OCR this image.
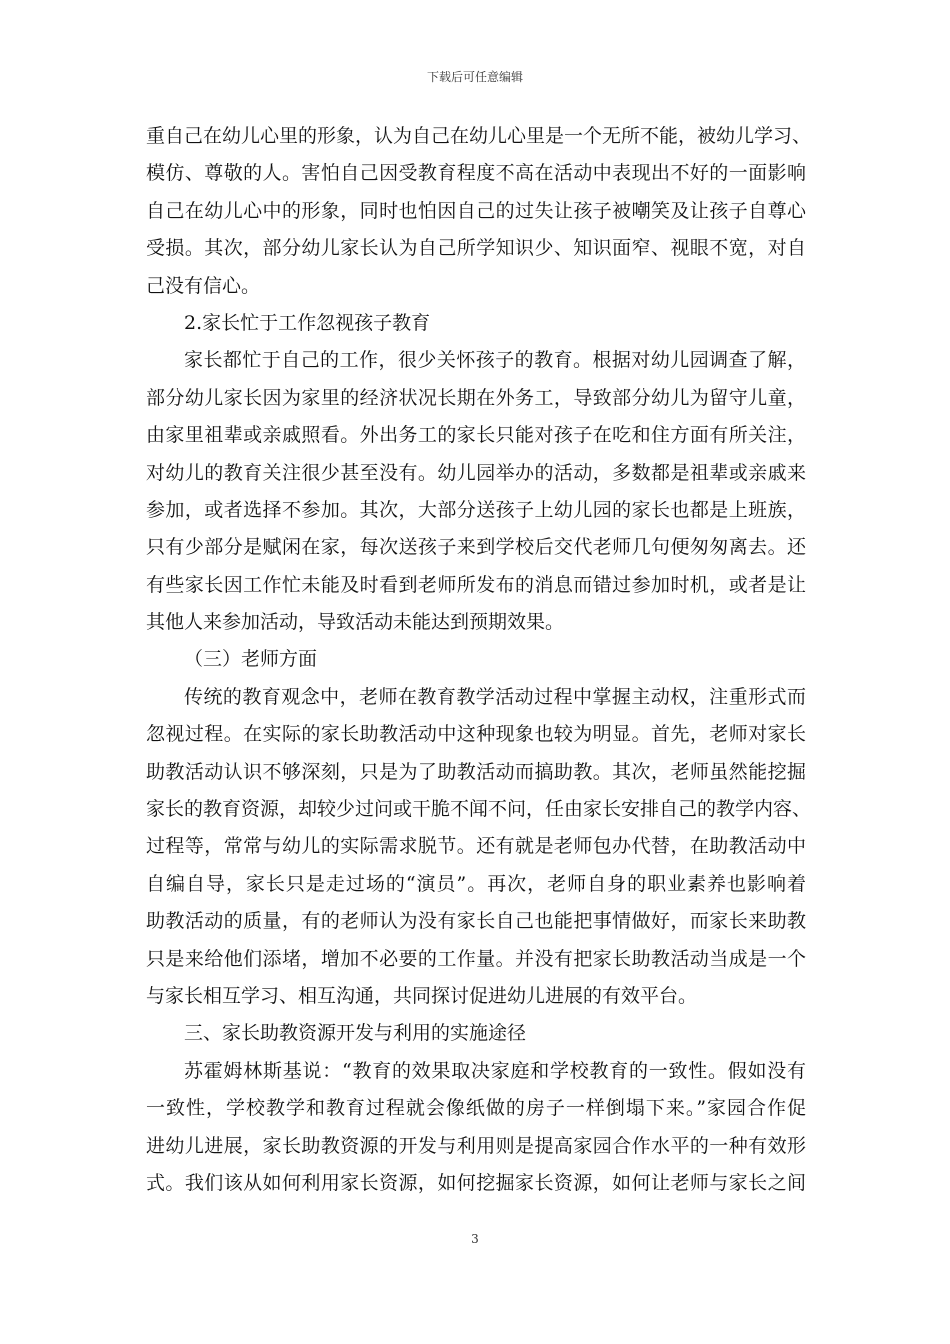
下载后可任意编辑
重自己在幼儿心里的形象，认为自己在幼儿心里是一个无所不能，被幼儿学习、
模仿、尊敬的人。害怕自己因受教育程度不高在活动中表现出不好的一面影响
自己在幼儿心中的形象，同时也怕因自己的过失让孩子被嘲笑及让孩子自尊心
受损。其次，部分幼儿家长认为自己所学知识少、知识面窄、视眼不宽，对自
己没有信心。
2.家长忙于工作忽视孩子教育
家长都忙于自己的工作，很少关怀孩子的教育。根据对幼儿园调查了解，
部分幼儿家长因为家里的经济状况长期在外务工，导致部分幼儿为留守儿童，
由家里祖辈或亲戚照看。外出务工的家长只能对孩子在吃和住方面有所关注，
对幼儿的教育关注很少甚至没有。幼儿园举办的活动，多数都是祖辈或亲戚来
参加，或者选择不参加。其次，大部分送孩子上幼儿园的家长也都是上班族，
只有少部分是赋闲在家，每次送孩子来到学校后交代老师几句便匆匆离去。还
有些家长因工作忙未能及时看到老师所发布的消息而错过参加时机，或者是让
其他人来参加活动，导致活动未能达到预期效果。
（三）老师方面
传统的教育观念中，老师在教育教学活动过程中掌握主动权，注重形式而
忽视过程。在实际的家长助教活动中这种现象也较为明显。首先，老师对家长
助教活动认识不够深刻，只是为了助教活动而搞助教。其次，老师虽然能挖掘
家长的教育资源，却较少过问或干脆不闻不问，任由家长安排自己的教学内容、
过程等，常常与幼儿的实际需求脱节。还有就是老师包办代替，在助教活动中
自编自导，家长只是走过场的“演员”。再次，老师自身的职业素养也影响着
助教活动的质量，有的老师认为没有家长自己也能把事情做好，而家长来助教
只是来给他们添堵，增加不必要的工作量。并没有把家长助教活动当成是一个
与家长相互学习、相互沟通，共同探讨促进幼儿进展的有效平台。
三、家长助教资源开发与利用的实施途径
苏霍姆林斯基说：“教育的效果取决家庭和学校教育的一致性。假如没有
一致性，学校教学和教育过程就会像纸做的房子一样倒塌下来。”家园合作促
进幼儿进展，家长助教资源的开发与利用则是提高家园合作水平的一种有效形
式。我们该从如何利用家长资源，如何挖掘家长资源，如何让老师与家长之间
3
